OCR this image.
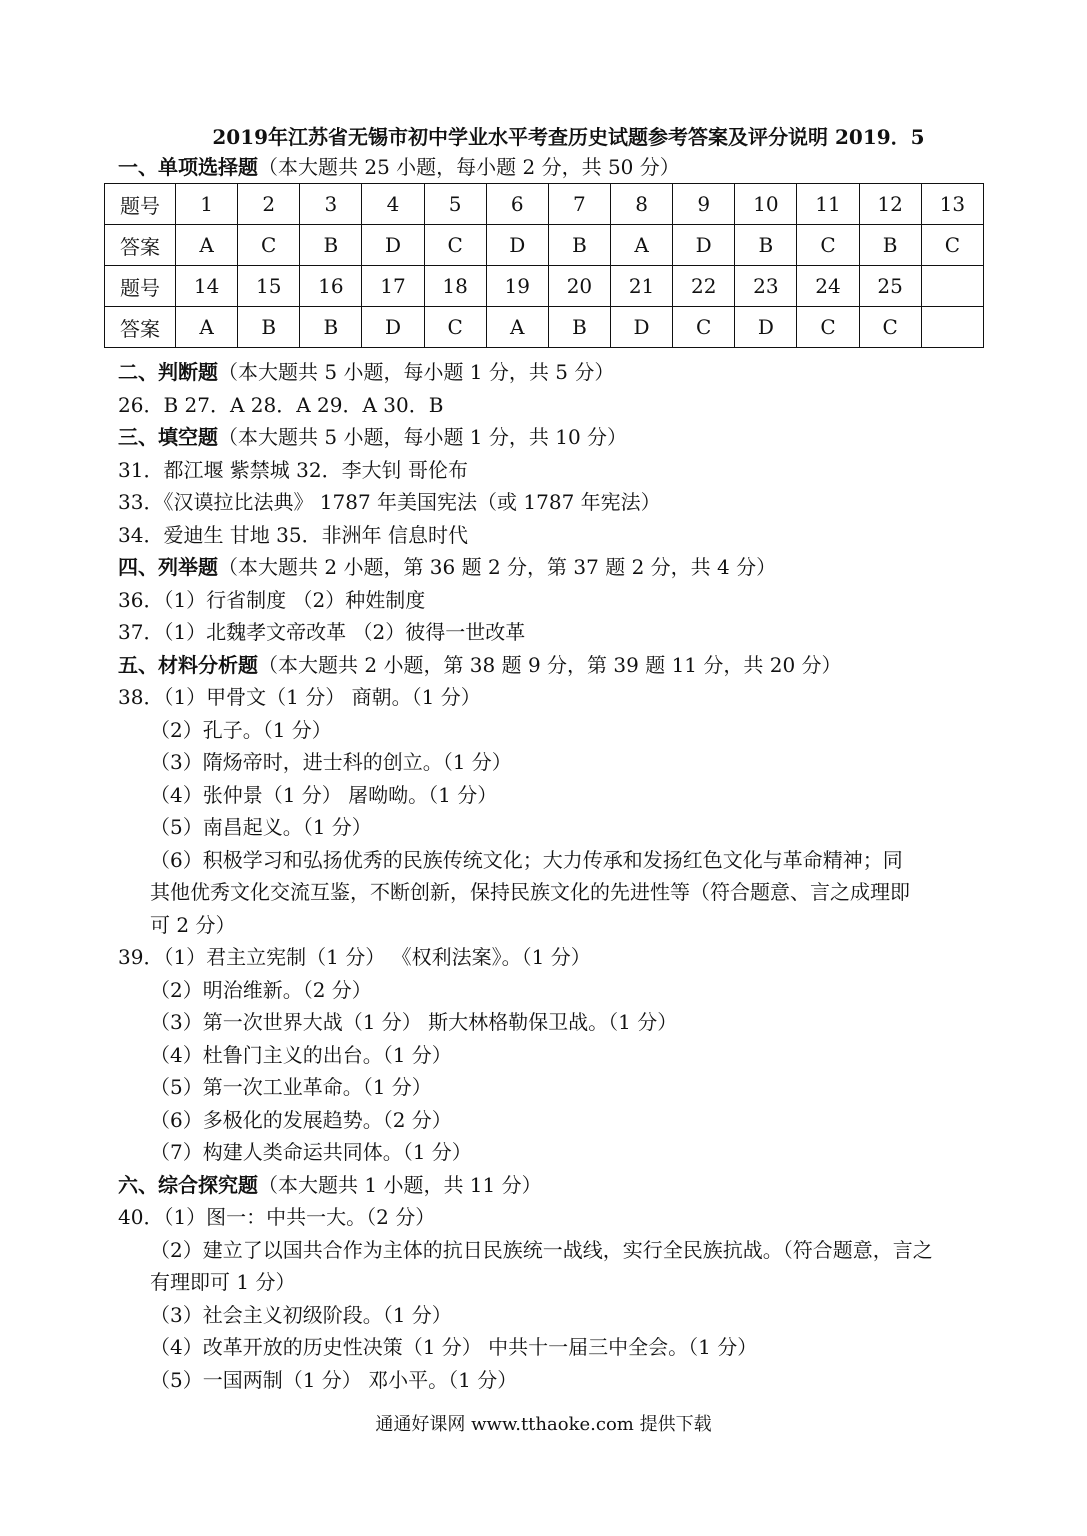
2019年江苏省无锡市初中学业水平考查历史试题参考答案及评分说明 2019．5
一、单项选择题（本大题共 25 小题，每小题 2 分，共 50 分）
题号	1	2	3	4	5	6	7	8	9	10	11	12	13
答案	A	C	B	D	C	D	B	A	D	B	C	B	C
题号	14	15	16	17	18	19	20	21	22	23	24	25	
答案	A	B	B	D	C	A	B	D	C	D	C	C	
二、判断题（本大题共 5 小题，每小题 1 分，共 5 分）
26．B 27．A 28．A 29．A 30．B
三、填空题（本大题共 5 小题，每小题 1 分，共 10 分）
31．都江堰 紫禁城 32．李大钊 哥伦布
33．《汉谟拉比法典》 1787 年美国宪法（或 1787 年宪法）
34．爱迪生 甘地 35．非洲年 信息时代
四、列举题（本大题共 2 小题，第 36 题 2 分，第 37 题 2 分，共 4 分）
36．（1）行省制度 （2）种姓制度
37．（1）北魏孝文帝改革 （2）彼得一世改革
五、材料分析题（本大题共 2 小题，第 38 题 9 分，第 39 题 11 分，共 20 分）
38．（1）甲骨文（1 分） 商朝。（1 分）
（2）孔子。（1 分）
（3）隋炀帝时，进士科的创立。（1 分）
（4）张仲景（1 分） 屠呦呦。（1 分）
（5）南昌起义。（1 分）
（6）积极学习和弘扬优秀的民族传统文化；大力传承和发扬红色文化与革命精神；同
其他优秀文化交流互鉴，不断创新，保持民族文化的先进性等（符合题意、言之成理即
可 2 分）
39．（1）君主立宪制（1 分） 《权利法案》。（1 分）
（2）明治维新。（2 分）
（3）第一次世界大战（1 分） 斯大林格勒保卫战。（1 分）
（4）杜鲁门主义的出台。（1 分）
（5）第一次工业革命。（1 分）
（6）多极化的发展趋势。（2 分）
（7）构建人类命运共同体。（1 分）
六、综合探究题（本大题共 1 小题，共 11 分）
40．（1）图一：中共一大。（2 分）
（2）建立了以国共合作为主体的抗日民族统一战线，实行全民族抗战。（符合题意，言之
有理即可 1 分）
（3）社会主义初级阶段。（1 分）
（4）改革开放的历史性决策（1 分） 中共十一届三中全会。（1 分）
（5）一国两制（1 分） 邓小平。（1 分）
通通好课网 www.tthaoke.com 提供下载
